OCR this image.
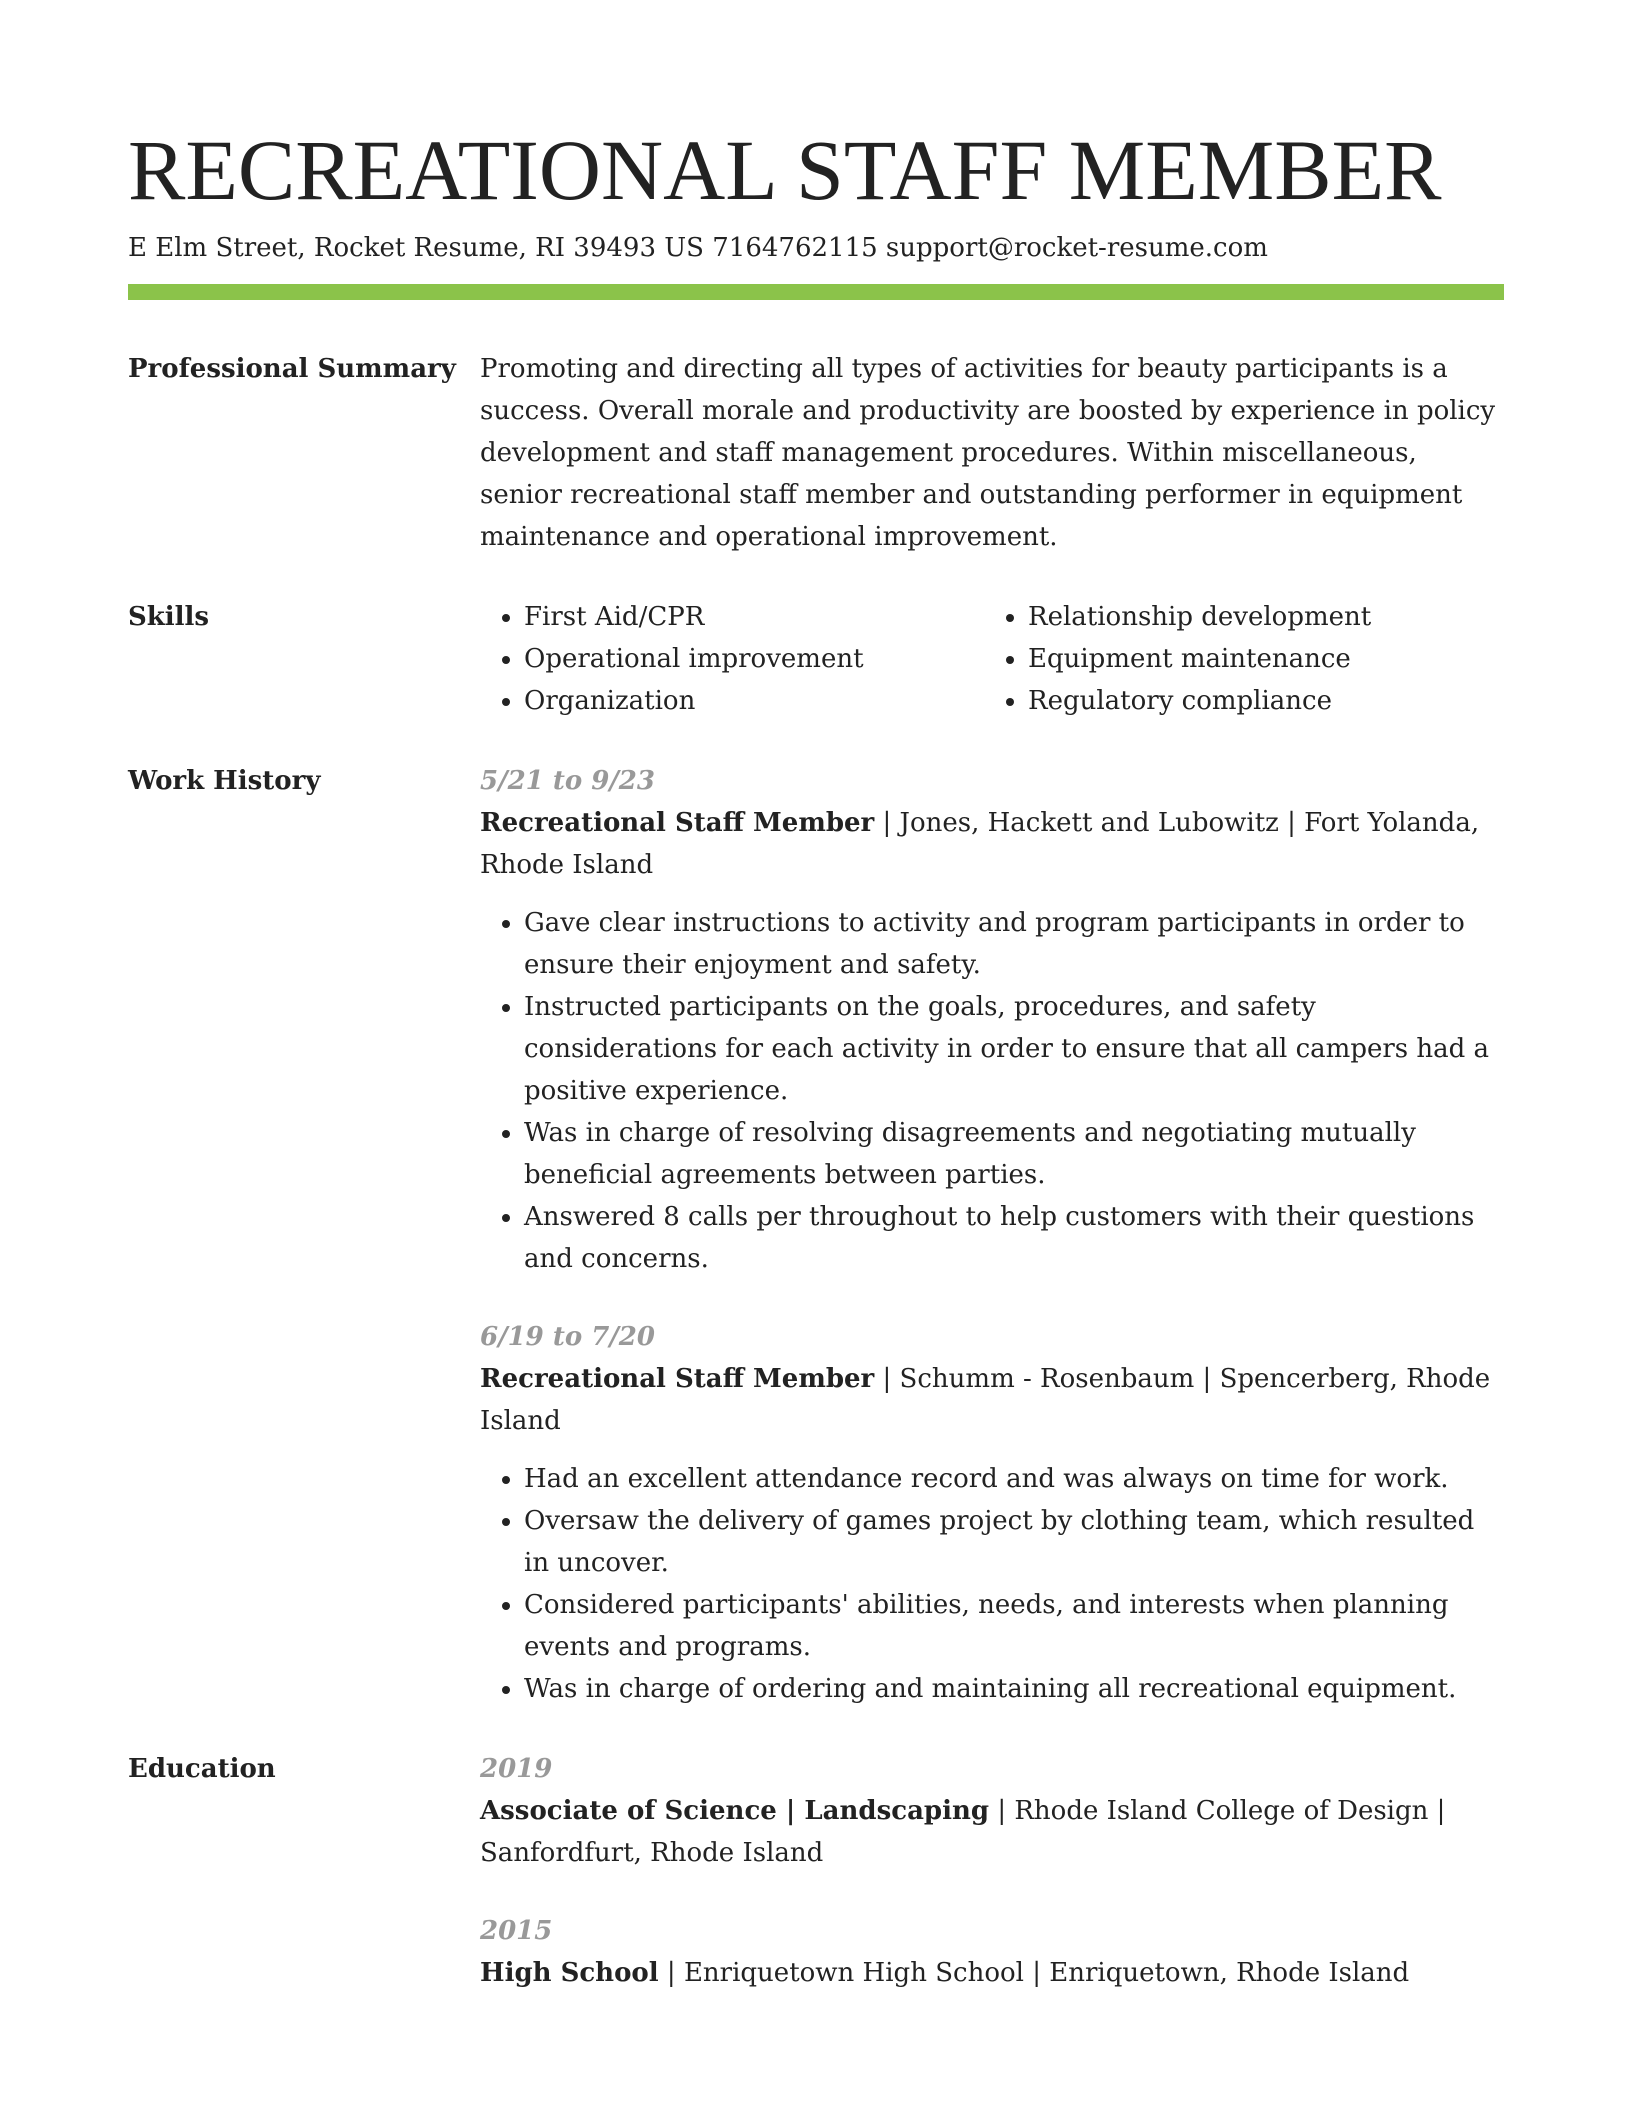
RECREATIONAL STAFF MEMBER
E Elm Street, Rocket Resume, RI 39493 US 7164762115 support@rocket-resume.com
Professional Summary Promoting and directing all types of activities for beauty participants is a success. Overall morale and productivity are boosted by experience in policy development and staff management procedures. Within miscellaneous, senior recreational staff member and outstanding performer in equipment maintenance and operational improvement.

Skills
•	First Aid/CPR
• Operational improvement
• Organization
• Relationship development
• Equipment maintenance
• Regulatory compliance
Work History	5/21 to 9/23

Recreational Staff Member | Jones, Hackett and Lubowitz | Fort Yolanda, Rhode Island

• Gave clear instructions to activity and program participants in order to ensure their enjoyment and safety.
• Instructed participants on the goals, procedures, and safety considerations for each activity in order to ensure that all campers had a positive experience.
• Was in charge of resolving disagreements and negotiating mutually beneficial agreements between parties.
• Answered 8 calls per throughout to help customers with their questions and concerns.

6/19 to 7/20

Recreational Staff Member | Schumm - Rosenbaum | Spencerberg, Rhode Island

• Had an excellent attendance record and was always on time for work.
• Oversaw the delivery of games project by clothing team, which resulted in uncover.
• Considered participants' abilities, needs, and interests when planning events and programs.
• Was in charge of ordering and maintaining all recreational equipment.
Education	2019

Associate of Science | Landscaping | Rhode Island College of Design | Sanfordfurt, Rhode Island

2015

High School | Enriquetown High School | Enriquetown, Rhode Island
